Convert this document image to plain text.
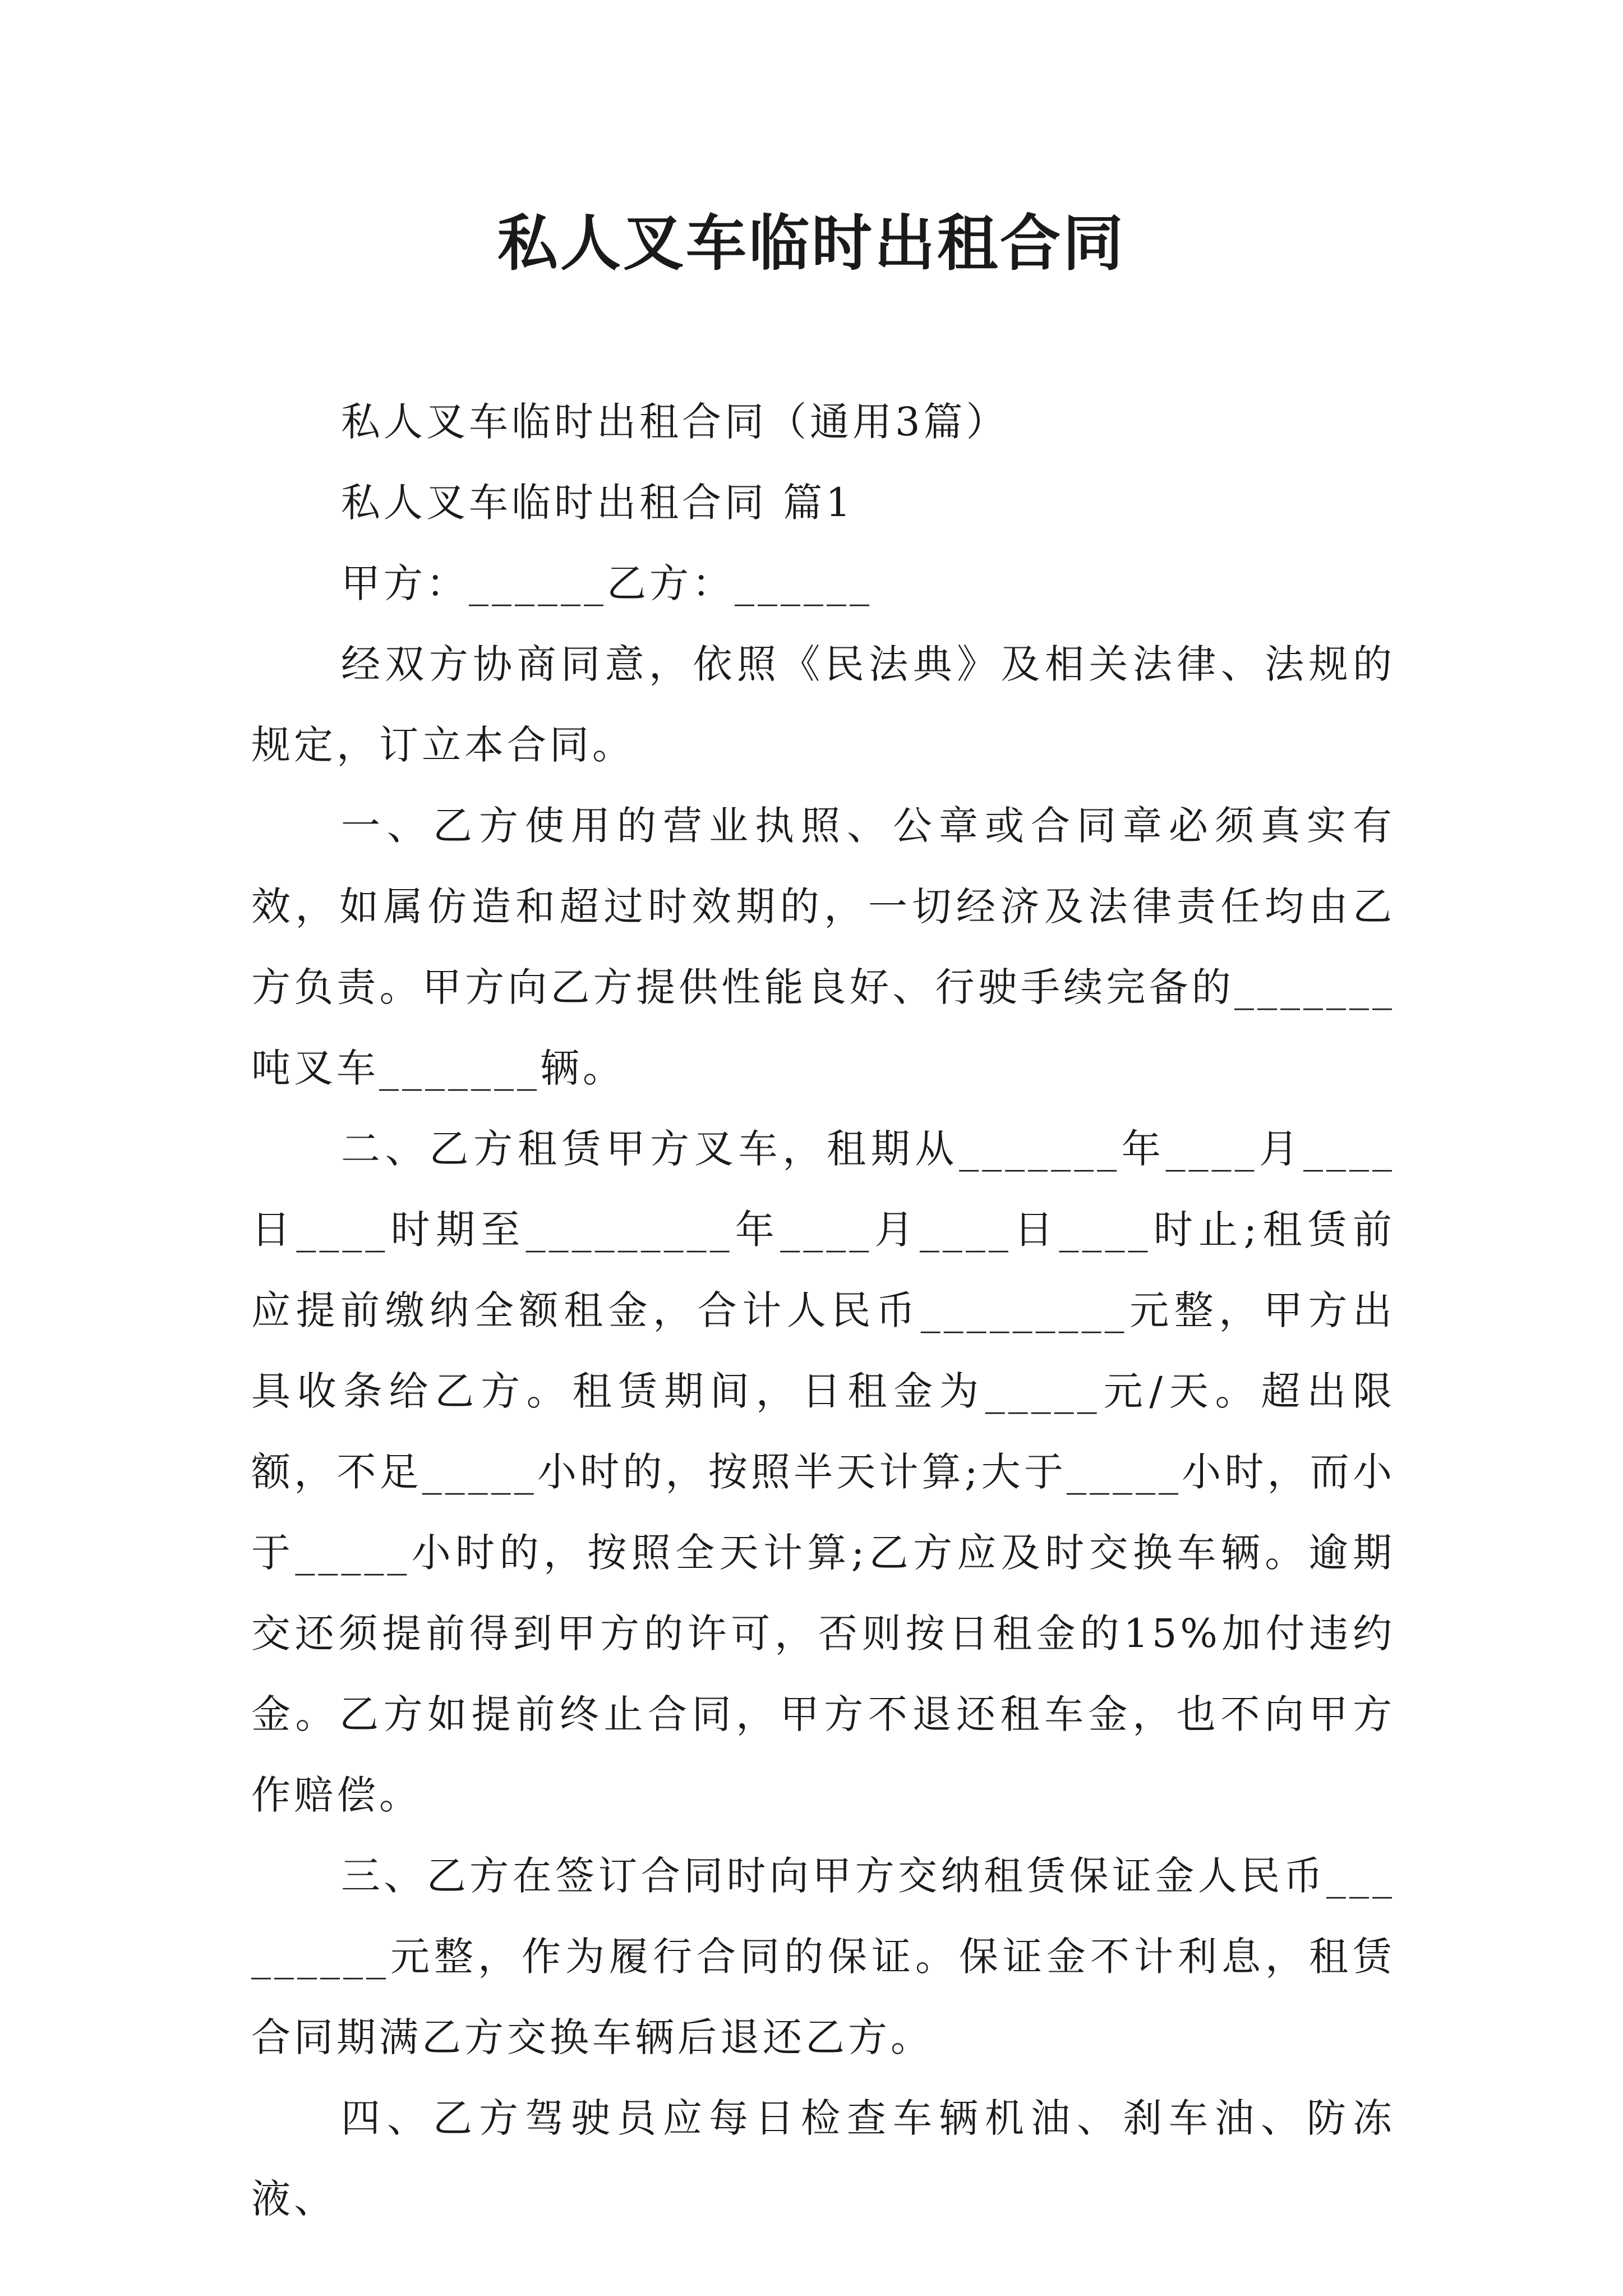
私人叉车临时出租合同

私人叉车临时出租合同（通用3篇）

私人叉车临时出租合同 篇1

甲方：______乙方：______

经双方协商同意，依照《民法典》及相关法律、法规的规定，订立本合同。

一、乙方使用的营业执照、公章或合同章必须真实有效，如属仿造和超过时效期的，一切经济及法律责任均由乙方负责。甲方向乙方提供性能良好、行驶手续完备的_______吨叉车_______辆。

二、乙方租赁甲方叉车，租期从_______年____月____日____时期至_________年____月____日____时止;租赁前应提前缴纳全额租金，合计人民币_________元整，甲方出具收条给乙方。租赁期间，日租金为_____元/天。超出限额，不足_____小时的，按照半天计算;大于_____小时，而小于_____小时的，按照全天计算;乙方应及时交换车辆。逾期交还须提前得到甲方的许可，否则按日租金的15%加付违约金。乙方如提前终止合同，甲方不退还租车金，也不向甲方作赔偿。

三、乙方在签订合同时向甲方交纳租赁保证金人民币_________元整，作为履行合同的保证。保证金不计利息，租赁合同期满乙方交换车辆后退还乙方。

四、乙方驾驶员应每日检查车辆机油、刹车油、防冻液、
